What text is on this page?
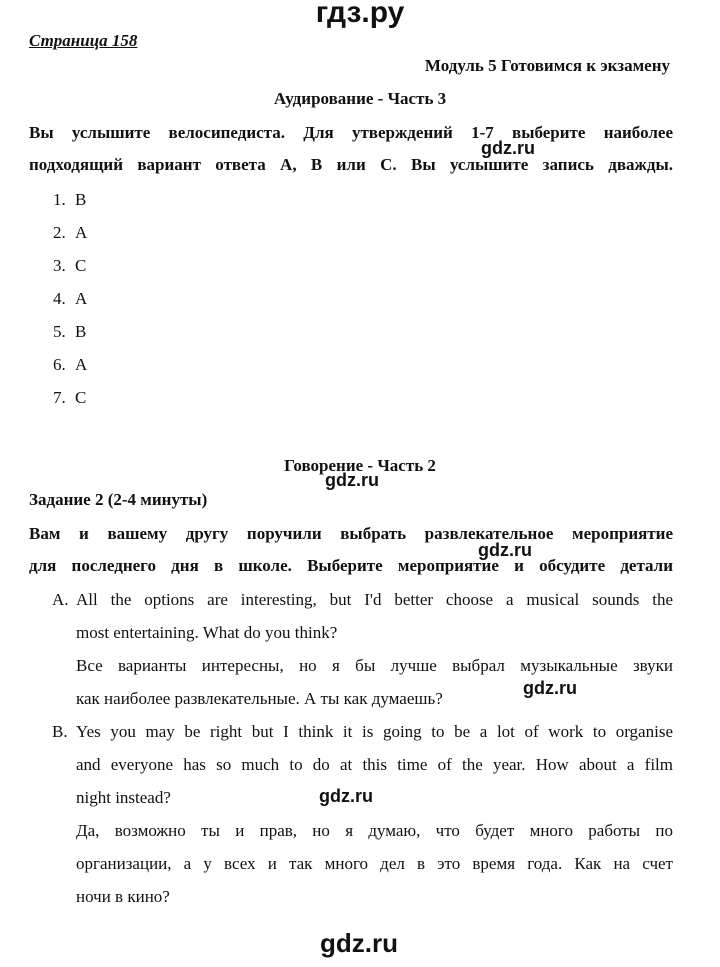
гдз.ру
Страница 158
Модуль 5 Готовимся к экзамену
Аудирование - Часть 3
Вы услышите велосипедиста. Для утверждений 1-7 выберите наиболее
подходящий вариант ответа А, В или С. Вы услышите запись дважды.
1. B
2. A
3. C
4. A
5. B
6. A
7. C
Говорение - Часть 2
Задание 2 (2-4 минуты)
Вам и вашему другу поручили выбрать развлекательное мероприятие
для последнего дня в школе. Выберите мероприятие и обсудите детали
A. All the options are interesting, but I'd better choose a musical sounds the
most entertaining. What do you think?
Все варианты интересны, но я бы лучше выбрал музыкальные звуки
как наиболее развлекательные. А ты как думаешь?
B. Yes you may be right but I think it is going to be a lot of work to organise
and everyone has so much to do at this time of the year. How about a film
night instead?
Да, возможно ты и прав, но я думаю, что будет много работы по
организации, а у всех и так много дел в это время года. Как на счет
ночи в кино?
gdz.ru
gdz.ru
gdz.ru
gdz.ru
gdz.ru
gdz.ru
